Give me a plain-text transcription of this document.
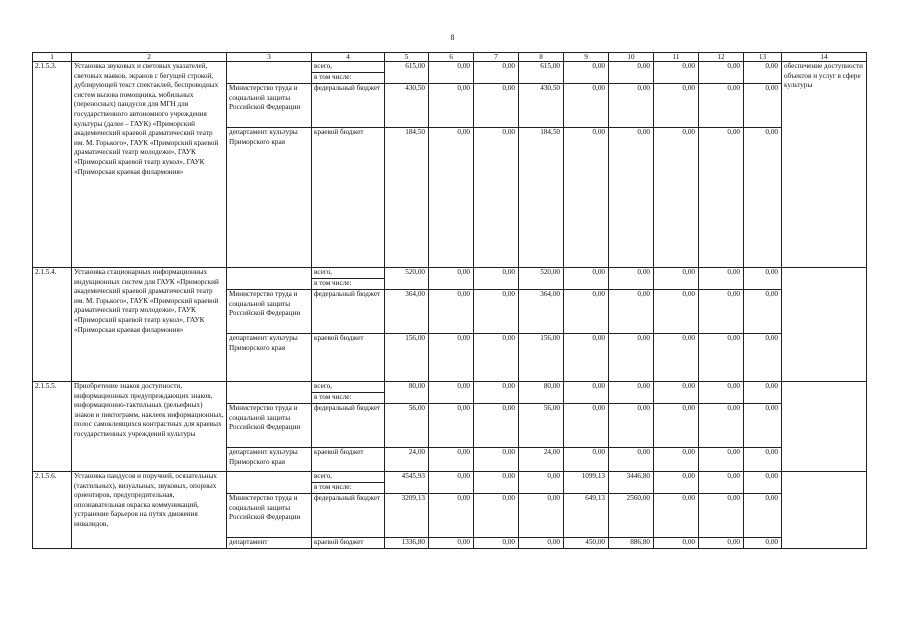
8
1	2	3	4	5	6	7	8	9	10	11	12	13	14
2.1.5.3.	Установка звуковых и световых указателей, световых маяков, экранов с бегущей строкой, дублирующей текст спектаклей, беспроводных систем вызова помощника, мобильных (переносных) пандусов для МГН для государственного автономного учреждения культуры (далее – ГАУК) «Приморский академический краевой драматический театр им. М. Горького», ГАУК «Приморский краевой драматический театр молодежи», ГАУК «Приморский краевой театр кукол», ГАУК «Приморская краевая филармония»		всего,	615,00	0,00	0,00	615,00	0,00	0,00	0,00	0,00	0,00	обеспечение доступности объектов и услуг в сфере культуры
			в том числе:										
		Министерство труда и социальной защиты Российской Федерации	федеральный бюджет	430,50	0,00	0,00	430,50	0,00	0,00	0,00	0,00	0,00	
		департамент культуры Приморского края	краевой бюджет	184,50	0,00	0,00	184,50	0,00	0,00	0,00	0,00	0,00	

2.1.5.4.	Установка стационарных информационных индукционных систем для ГАУК «Приморский академический краевой драматический театр им. М. Горького», ГАУК «Приморский краевой драматический театр молодежи», ГАУК «Приморский краевой театр кукол», ГАУК «Приморская краевая филармония»		всего,	520,00	0,00	0,00	520,00	0,00	0,00	0,00	0,00	0,00	
			в том числе:										
		Министерство труда и социальной защиты Российской Федерации	федеральный бюджет	364,00	0,00	0,00	364,00	0,00	0,00	0,00	0,00	0,00	
		департамент культуры Приморского края	краевой бюджет	156,00	0,00	0,00	156,00	0,00	0,00	0,00	0,00	0,00	

2.1.5.5.	Приобретение знаков доступности, информационных предупреждающих знаков, информационно-тактильных (рельефных) знаков и пиктограмм, наклеек информационных, полос самоклеящихся контрастных для краевых государственных учреждений культуры		всего,	80,00	0,00	0,00	80,00	0,00	0,00	0,00	0,00	0,00	
			в том числе:										
		Министерство труда и социальной защиты Российской Федерации	федеральный бюджет	56,00	0,00	0,00	56,00	0,00	0,00	0,00	0,00	0,00	
		департамент культуры Приморского края	краевой бюджет	24,00	0,00	0,00	24,00	0,00	0,00	0,00	0,00	0,00	

2.1.5.6.	Установка пандусов и поручней, осязательных (тактильных), визуальных, звуковых, опорных ориентиров, предупредительная, опознавательная окраска коммуникаций, устранение барьеров на путях движения инвалидов,		всего,	4545,93	0,00	0,00	0,00	1099,13	3446,80	0,00	0,00	0,00	
			в том числе:										
		Министерство труда и социальной защиты Российской Федерации	федеральный бюджет	3209,13	0,00	0,00	0,00	649,13	2560,00	0,00	0,00	0,00	
		департамент	краевой бюджет	1336,80	0,00	0,00	0,00	450,00	886,80	0,00	0,00	0,00	
